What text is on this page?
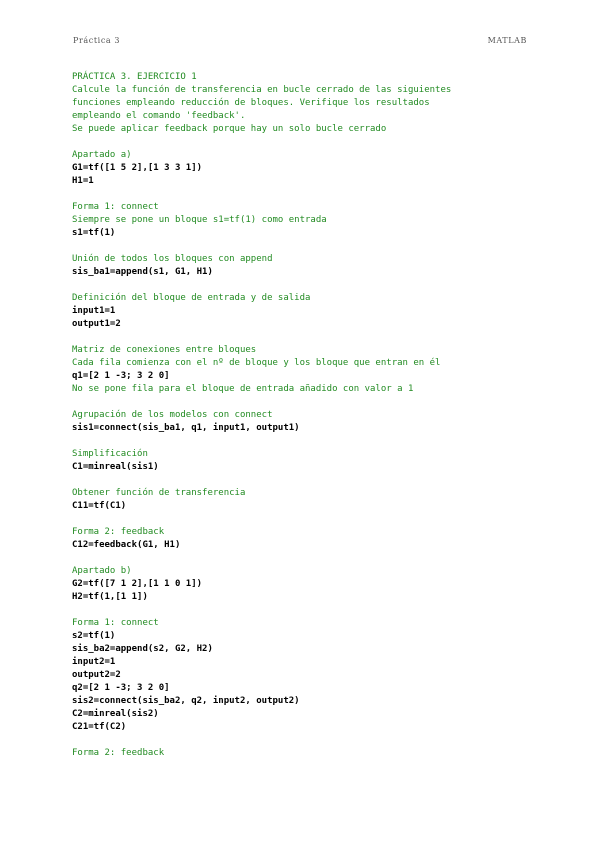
Práctica 3	MATLAB
PRÁCTICA 3. EJERCICIO 1
Calcule la función de transferencia en bucle cerrado de las siguientes
funciones empleando reducción de bloques. Verifique los resultados
empleando el comando 'feedback'.
Se puede aplicar feedback porque hay un solo bucle cerrado
Apartado a)
G1=tf([1 5 2],[1 3 3 1])
H1=1
Forma 1: connect
Siempre se pone un bloque s1=tf(1) como entrada
s1=tf(1)
Unión de todos los bloques con append
sis_ba1=append(s1, G1, H1)
Definición del bloque de entrada y de salida
input1=1
output1=2
Matriz de conexiones entre bloques
Cada fila comienza con el nº de bloque y los bloque que entran en él
q1=[2 1 -3; 3 2 0]
No se pone fila para el bloque de entrada añadido con valor a 1
Agrupación de los modelos con connect
sis1=connect(sis_ba1, q1, input1, output1)
Simplificación
C1=minreal(sis1)
Obtener función de transferencia
C11=tf(C1)
Forma 2: feedback
C12=feedback(G1, H1)
Apartado b)
G2=tf([7 1 2],[1 1 0 1])
H2=tf(1,[1 1])
Forma 1: connect
s2=tf(1)
sis_ba2=append(s2, G2, H2)
input2=1
output2=2
q2=[2 1 -3; 3 2 0]
sis2=connect(sis_ba2, q2, input2, output2)
C2=minreal(sis2)
C21=tf(C2)
Forma 2: feedback
